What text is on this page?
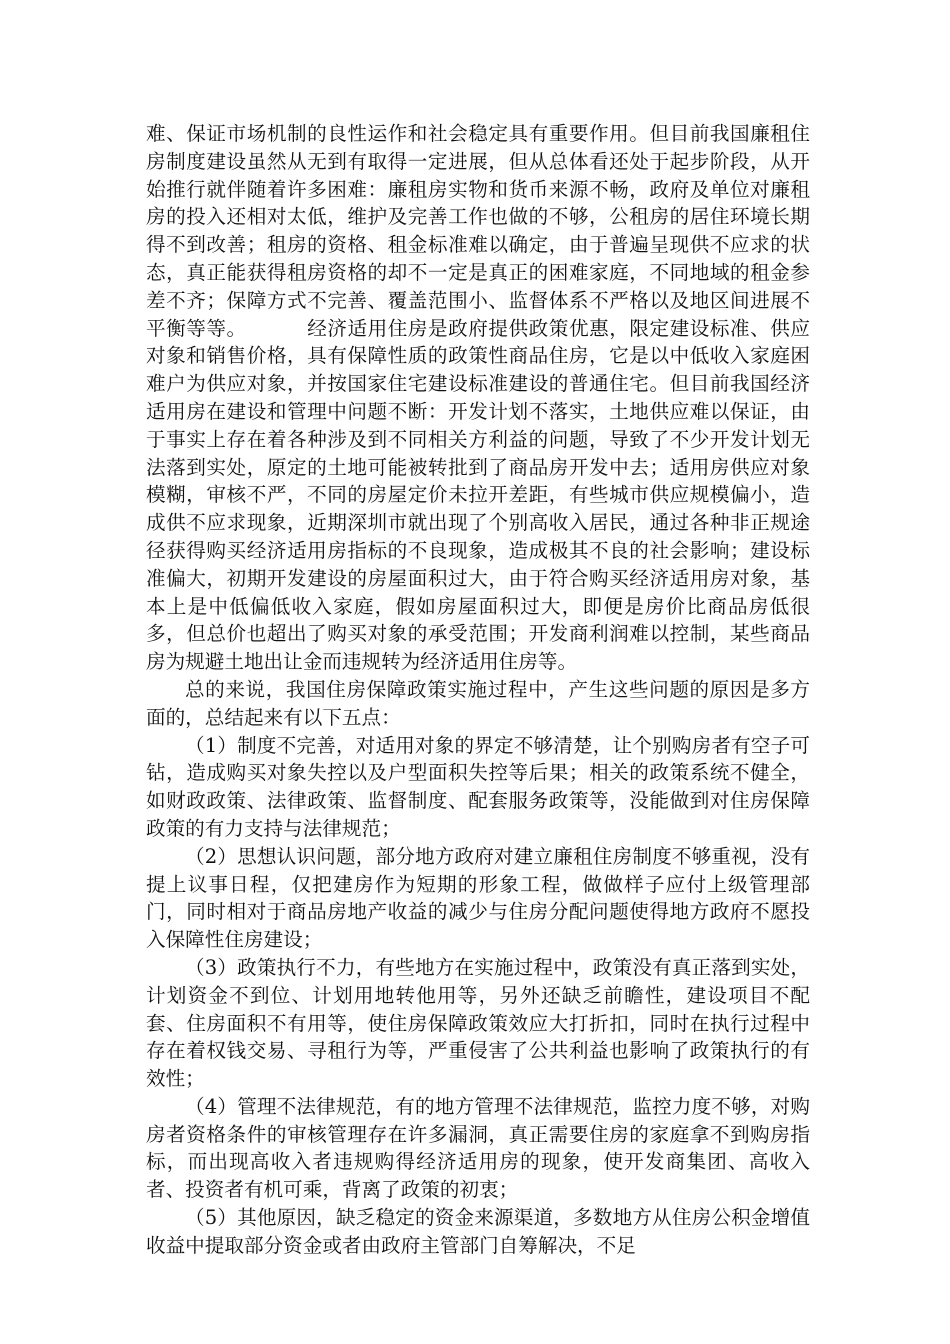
难、保证市场机制的良性运作和社会稳定具有重要作用。但目前我国廉租住房制度建设虽然从无到有取得一定进展，但从总体看还处于起步阶段，从开始推行就伴随着许多困难：廉租房实物和货币来源不畅，政府及单位对廉租房的投入还相对太低，维护及完善工作也做的不够，公租房的居住环境长期得不到改善；租房的资格、租金标准难以确定，由于普遍呈现供不应求的状态，真正能获得租房资格的却不一定是真正的困难家庭，不同地域的租金参差不齐；保障方式不完善、覆盖范围小、监督体系不严格以及地区间进展不平衡等等。	经济适用住房是政府提供政策优惠，限定建设标准、供应对象和销售价格，具有保障性质的政策性商品住房，它是以中低收入家庭困难户为供应对象，并按国家住宅建设标准建设的普通住宅。但目前我国经济适用房在建设和管理中问题不断：开发计划不落实，土地供应难以保证，由于事实上存在着各种涉及到不同相关方利益的问题，导致了不少开发计划无法落到实处，原定的土地可能被转批到了商品房开发中去；适用房供应对象模糊，审核不严，不同的房屋定价未拉开差距，有些城市供应规模偏小，造成供不应求现象，近期深圳市就出现了个别高收入居民，通过各种非正规途径获得购买经济适用房指标的不良现象，造成极其不良的社会影响；建设标准偏大，初期开发建设的房屋面积过大，由于符合购买经济适用房对象，基本上是中低偏低收入家庭，假如房屋面积过大，即便是房价比商品房低很多，但总价也超出了购买对象的承受范围；开发商利润难以控制，某些商品房为规避土地出让金而违规转为经济适用住房等。

总的来说，我国住房保障政策实施过程中，产生这些问题的原因是多方面的，总结起来有以下五点：

（1）制度不完善，对适用对象的界定不够清楚，让个别购房者有空子可钻，造成购买对象失控以及户型面积失控等后果；相关的政策系统不健全，如财政政策、法律政策、监督制度、配套服务政策等，没能做到对住房保障政策的有力支持与法律规范；

（2）思想认识问题，部分地方政府对建立廉租住房制度不够重视，没有提上议事日程，仅把建房作为短期的形象工程，做做样子应付上级管理部门，同时相对于商品房地产收益的减少与住房分配问题使得地方政府不愿投入保障性住房建设；

（3）政策执行不力，有些地方在实施过程中，政策没有真正落到实处，计划资金不到位、计划用地转他用等，另外还缺乏前瞻性，建设项目不配套、住房面积不有用等，使住房保障政策效应大打折扣，同时在执行过程中存在着权钱交易、寻租行为等，严重侵害了公共利益也影响了政策执行的有效性；

（4）管理不法律规范，有的地方管理不法律规范，监控力度不够，对购房者资格条件的审核管理存在许多漏洞，真正需要住房的家庭拿不到购房指标，而出现高收入者违规购得经济适用房的现象，使开发商集团、高收入者、投资者有机可乘，背离了政策的初衷；

（5）其他原因，缺乏稳定的资金来源渠道，多数地方从住房公积金增值收益中提取部分资金或者由政府主管部门自筹解决，不足
